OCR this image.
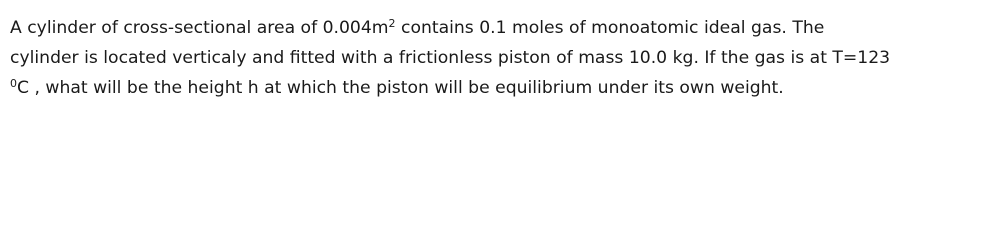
A cylinder of cross-sectional area of $0.004m^2$ contains 0.1 moles of monoatomic ideal gas. The
cylinder is located verticaly and fitted with a frictionless piston of mass 10.0 kg. If the gas is at T=123
$^0$C , what will be the height h at which the piston will be equilibrium under its own weight.
